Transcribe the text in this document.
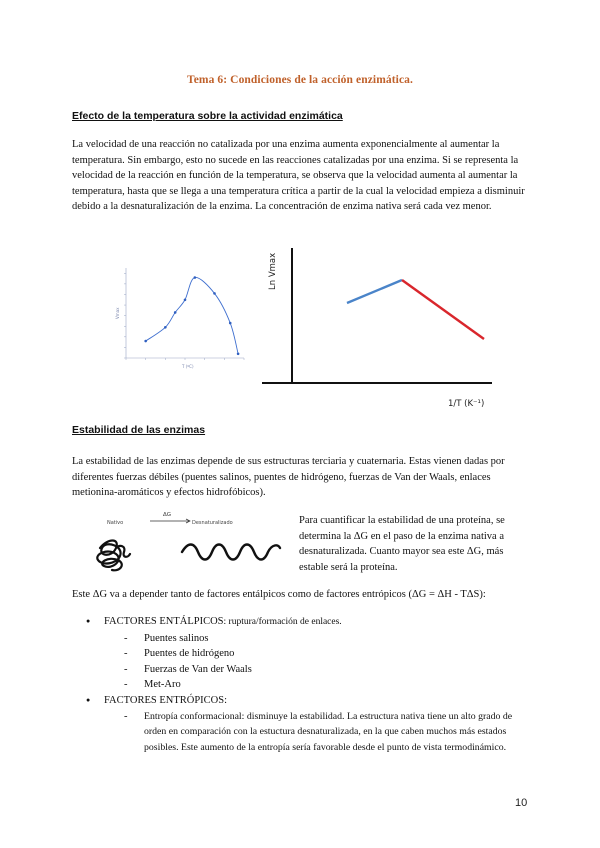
Tema 6: Condiciones de la acción enzimática.
Efecto de la temperatura sobre la actividad enzimática

La velocidad de una reacción no catalizada por una enzima aumenta exponencialmente al aumentar la temperatura. Sin embargo, esto no sucede en las reacciones catalizadas por una enzima. Si se representa la velocidad de la reacción en función de la temperatura, se observa que la velocidad aumenta al aumentar la temperatura, hasta que se llega a una temperatura crítica a partir de la cual la velocidad empieza a disminuir debido a la desnaturalización de la enzima. La concentración de enzima nativa será cada vez menor.

Vmax
T (ºC)
Ln Vmax
1/T (K⁻¹)
Estabilidad de las enzimas

La estabilidad de las enzimas depende de sus estructuras terciaria y cuaternaria. Estas vienen dadas por diferentes fuerzas débiles (puentes salinos, puentes de hidrógeno, fuerzas de Van der Waals, enlaces metionina-aromáticos y efectos hidrofóbicos).

ΔG
Nativo	Desnaturalizado	Para cuantificar la estabilidad de una proteína, se determina la ΔG en el paso de la enzima nativa a desnaturalizada. Cuanto mayor sea este ΔG, más estable será la proteína.

Este ΔG va a depender tanto de factores entálpicos como de factores entrópicos (ΔG = ΔH - TΔS):

● FACTORES ENTÁLPICOS: ruptura/formación de enlaces.
- Puentes salinos
- Puentes de hidrógeno
- Fuerzas de Van der Waals
- Met-Aro
● FACTORES ENTRÓPICOS:
- Entropía conformacional: disminuye la estabilidad. La estructura nativa tiene un alto grado de orden en comparación con la estuctura desnaturalizada, en la que caben muchos más estados posibles. Este aumento de la entropía sería favorable desde el punto de vista termodinámico.
10
